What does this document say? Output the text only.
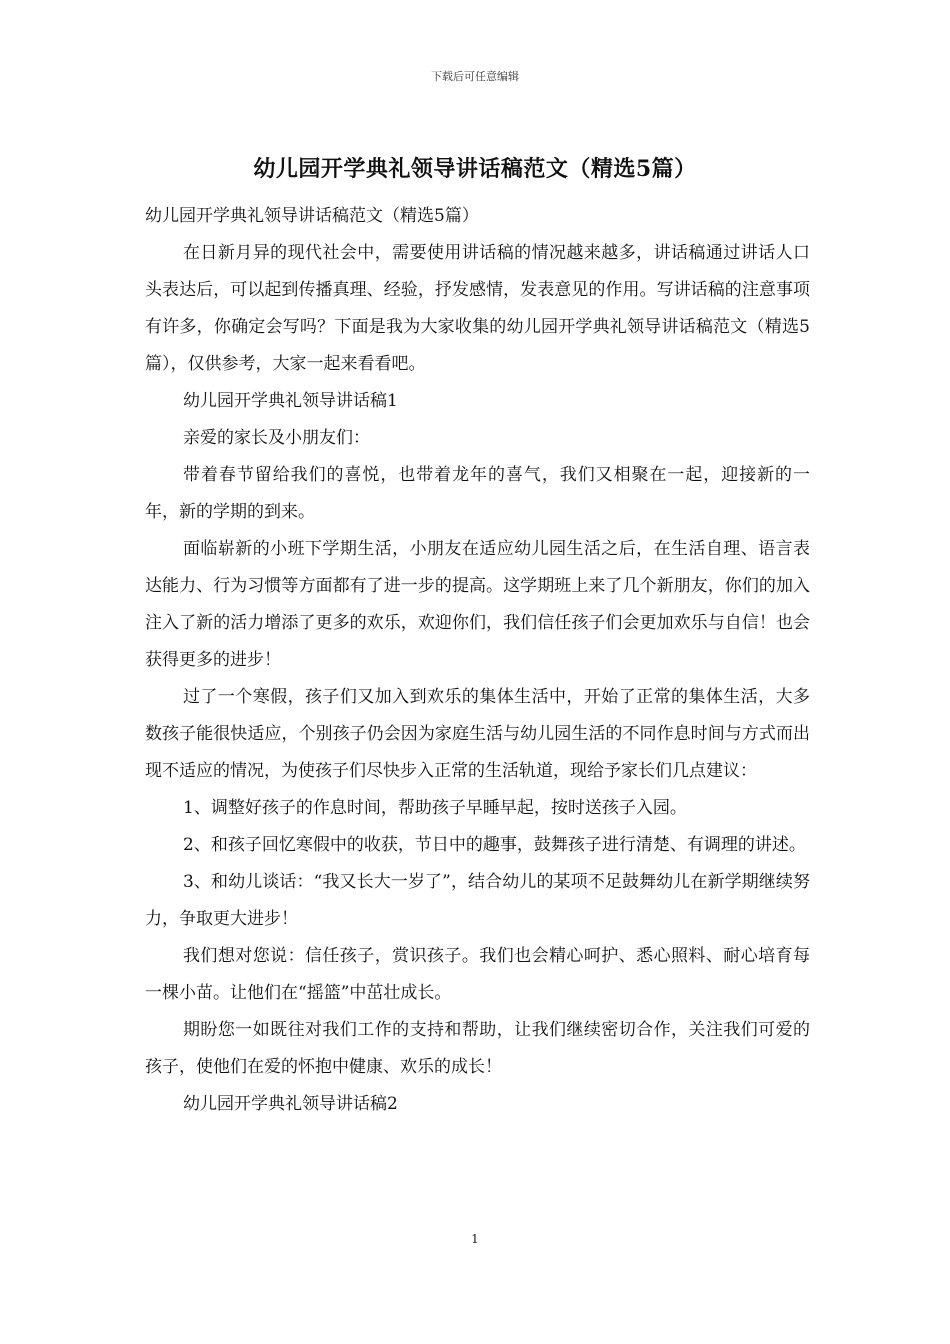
下载后可任意编辑
幼儿园开学典礼领导讲话稿范文（精选5篇）

幼儿园开学典礼领导讲话稿范文（精选5篇）

在日新月异的现代社会中，需要使用讲话稿的情况越来越多，讲话稿通过讲话人口头表达后，可以起到传播真理、经验，抒发感情，发表意见的作用。写讲话稿的注意事项有许多，你确定会写吗？下面是我为大家收集的幼儿园开学典礼领导讲话稿范文（精选5篇），仅供参考，大家一起来看看吧。

幼儿园开学典礼领导讲话稿1

亲爱的家长及小朋友们：

带着春节留给我们的喜悦，也带着龙年的喜气，我们又相聚在一起，迎接新的一年，新的学期的到来。

面临崭新的小班下学期生活，小朋友在适应幼儿园生活之后，在生活自理、语言表达能力、行为习惯等方面都有了进一步的提高。这学期班上来了几个新朋友，你们的加入注入了新的活力增添了更多的欢乐，欢迎你们，我们信任孩子们会更加欢乐与自信！也会获得更多的进步！

过了一个寒假，孩子们又加入到欢乐的集体生活中，开始了正常的集体生活，大多数孩子能很快适应，个别孩子仍会因为家庭生活与幼儿园生活的不同作息时间与方式而出现不适应的情况，为使孩子们尽快步入正常的生活轨道，现给予家长们几点建议：

1、调整好孩子的作息时间，帮助孩子早睡早起，按时送孩子入园。

2、和孩子回忆寒假中的收获，节日中的趣事，鼓舞孩子进行清楚、有调理的讲述。

3、和幼儿谈话：“我又长大一岁了”，结合幼儿的某项不足鼓舞幼儿在新学期继续努力，争取更大进步！

我们想对您说：信任孩子，赏识孩子。我们也会精心呵护、悉心照料、耐心培育每一棵小苗。让他们在“摇篮”中茁壮成长。

期盼您一如既往对我们工作的支持和帮助，让我们继续密切合作，关注我们可爱的孩子，使他们在爱的怀抱中健康、欢乐的成长！

幼儿园开学典礼领导讲话稿2

1
